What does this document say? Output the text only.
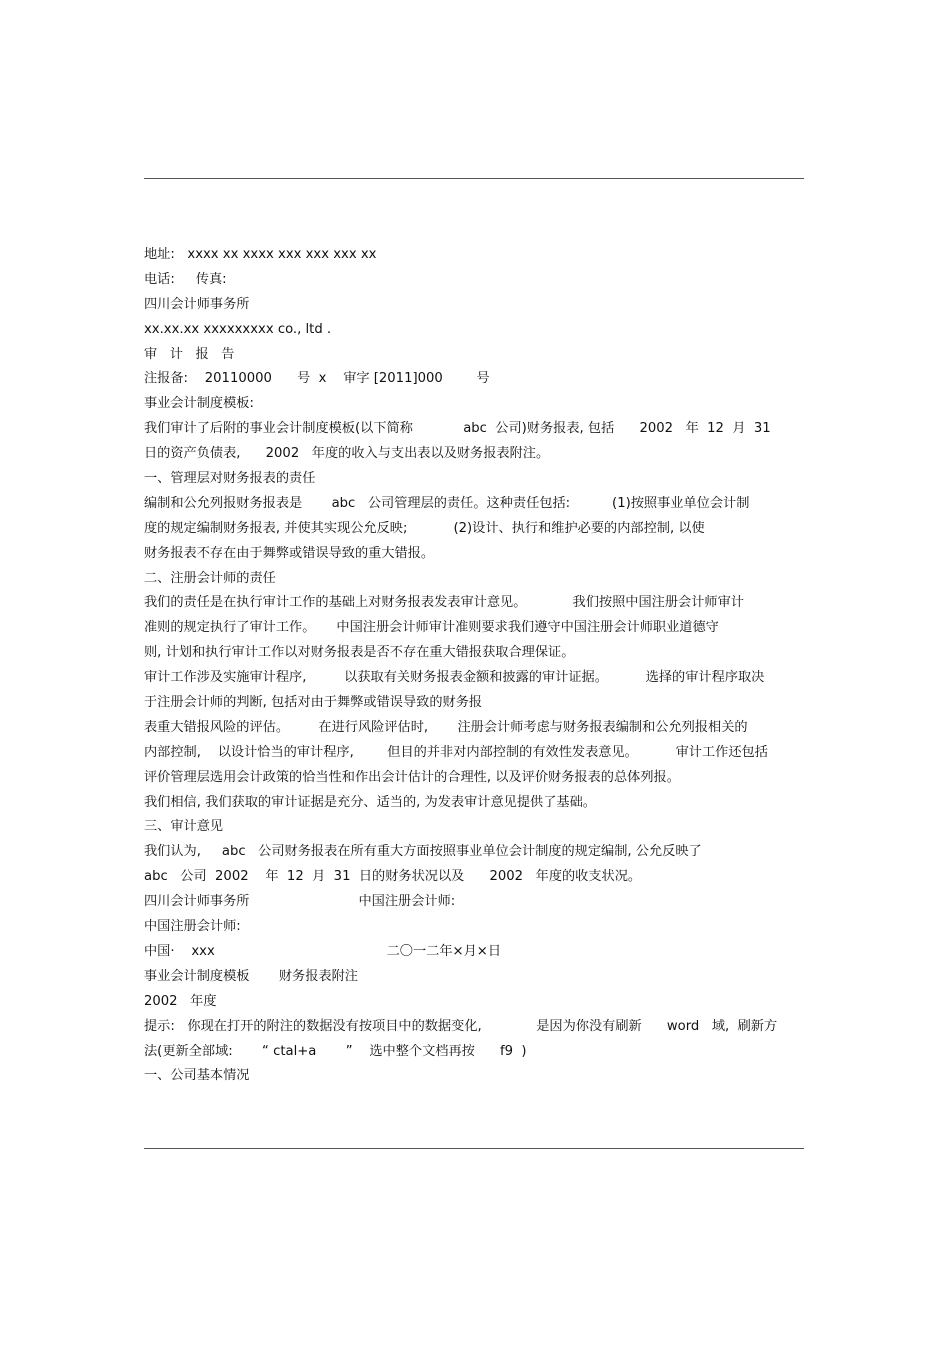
地址:   xxxx xx xxxx xxx xxx xxx xx
电话:     传真:
四川会计师事务所
xx.xx.xx xxxxxxxxx co., ltd .
审   计   报   告
注报备:    20110000      号  x    审字 [2011]000        号
事业会计制度模板:
我们审计了后附的事业会计制度模板(以下简称            abc  公司)财务报表, 包括      2002   年  12  月  31
日的资产负债表,      2002   年度的收入与支出表以及财务报表附注。
一、管理层对财务报表的责任
编制和公允列报财务报表是       abc   公司管理层的责任。这种责任包括:          (1)按照事业单位会计制
度的规定编制财务报表, 并使其实现公允反映;           (2)设计、执行和维护必要的内部控制, 以使
财务报表不存在由于舞弊或错误导致的重大错报。
二、注册会计师的责任
我们的责任是在执行审计工作的基础上对财务报表发表审计意见。           我们按照中国注册会计师审计
准则的规定执行了审计工作。     中国注册会计师审计准则要求我们遵守中国注册会计师职业道德守
则, 计划和执行审计工作以对财务报表是否不存在重大错报获取合理保证。
审计工作涉及实施审计程序,         以获取有关财务报表金额和披露的审计证据。         选择的审计程序取决
于注册会计师的判断, 包括对由于舞弊或错误导致的财务报
表重大错报风险的评估。       在进行风险评估时,       注册会计师考虑与财务报表编制和公允列报相关的
内部控制,    以设计恰当的审计程序,        但目的并非对内部控制的有效性发表意见。         审计工作还包括
评价管理层选用会计政策的恰当性和作出会计估计的合理性, 以及评价财务报表的总体列报。
我们相信, 我们获取的审计证据是充分、适当的, 为发表审计意见提供了基础。
三、审计意见
我们认为,     abc   公司财务报表在所有重大方面按照事业单位会计制度的规定编制, 公允反映了
abc   公司  2002    年  12  月  31  日的财务状况以及      2002   年度的收支状况。
四川会计师事务所                          中国注册会计师:
中国注册会计师:
中国·    xxx                                         二〇一二年×月×日
事业会计制度模板       财务报表附注
2002   年度
提示:   你现在打开的附注的数据没有按项目中的数据变化,             是因为你没有刷新      word   域,  刷新方
法(更新全部域:       “ ctal+a       ”    选中整个文档再按      f9  )
一、公司基本情况
